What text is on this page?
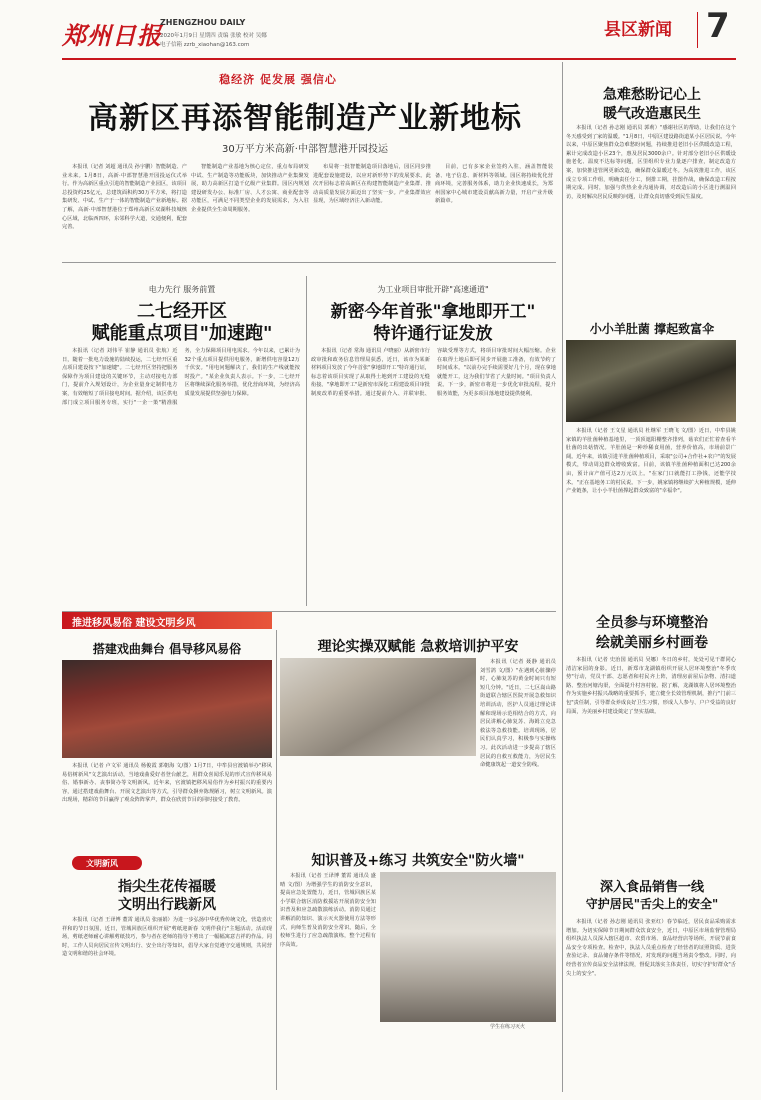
郑州日报
ZHENGZHOU DAILY
2020年1月9日 星期四 责编 张敏 校对 吴娜
电子信箱 zzrb_xiaohan@163.com
县区新闻 7
稳经济 促发展 强信心
高新区再添智能制造产业新地标
30万平方米高新·中部智慧港开园投运

本报讯（记者 刘超 通讯员 孙宇鹏）智能制造、产业未来。1月8日，高新·中部智慧港开园投运仪式举行。作为高新区重点引进的智能制造产业园区，该项目总投资约25亿元，总建筑面积约30万平方米，将打造集研发、中试、生产于一体的智能制造产业新地标。据了解，高新·中部智慧港位于郑州高新区双湖科技城核心区域，北临西四环，东邻科学大道，交通便利，配套完善。

智能制造产业基地为核心定位，重点布局研发中试、生产制造等功能板块，加快推动产业集聚发展，助力高新区打造千亿级产业集群。园区内规划建设研发办公、标准厂房、人才公寓、商业配套等功能区，可满足不同类型企业的发展需求，为入驻企业提供全生命周期服务。

布局将一批智能制造项目落地后，园区同步推进配套设施建设，以应对新形势下的发展要求。此次开园标志着高新区在构建智能制造产业集群、推动高质量发展方面迈出了坚实一步。产业集群效应显现，为区域经济注入新动能。

目前，已有多家企业签约入驻，涵盖智能装备、电子信息、新材料等领域。园区将持续优化营商环境，完善服务体系，助力企业快速成长，为郑州国家中心城市建设贡献高新力量，开启产业升级新篇章。

急难愁盼记心上
暖气改造惠民生

本报讯（记者 孙志刚 通讯员 郭莉）"感谢社区的帮助，让我们在这个冬天感受到了家的温暖。"1月8日，中原区建设路街道某小区居民说。今年以来，中原区聚焦群众急难愁盼问题，持续推进老旧小区供暖改造工程，累计完成改造小区23个，惠及居民3000余户。针对部分老旧小区供暖设施老化、温度不达标等问题，区里组织专业力量逐户排查，制定改造方案，加快推进管网更新改造，确保群众温暖过冬。为高效推进工作，该区成立专项工作组，明确责任分工，倒排工期，挂图作战，确保改造工程按期完成。同时，加强与供热企业沟通协调，对改造后的小区进行测温回访，及时解决居民反映的问题，让群众真切感受到民生温度。

电力先行 服务前置
二七经开区
赋能重点项目"加速跑"

本报讯（记者 刘伟平 崔静 通讯员 张航）近日，随着一批电力设施的陆续投运，二七经开区重点项目建设按下"加速键"。二七经开区坚持把服务保障作为项目建设的关键环节，主动对接电力部门，提前介入规划设计，为企业量身定制供电方案，有效缩短了项目接电时间。据介绍，该区供电部门成立项目服务专班，实行"一企一策"精准服务，全力保障项目用电需求。今年以来，已累计为32个重点项目提供用电服务，新增供电容量12万千伏安。"用电问题解决了，我们的生产线就能按时投产。"某企业负责人表示。下一步，二七经开区将继续深化服务举措，优化营商环境，为经济高质量发展提供坚强电力保障。

为工业项目审批开辟"高速通道"
新密今年首张"拿地即开工"
特许通行证发放

本报讯（记者 常海 通讯员 卢晓丽）从新密市行政审批和政务信息管理局获悉，近日，该市为某新材料项目发放了今年首张"拿地即开工"特许通行证，标志着该项目实现了从取得土地到开工建设的无缝衔接。"拿地即开工"是新密市深化工程建设项目审批制度改革的重要举措。通过提前介入、并联审批、容缺受理等方式，将项目审批时间大幅压缩。企业在取得土地后即可同步开展施工准备，有效节约了时间成本。"以前办完手续需要好几个月，现在拿地就能开工，这为我们节省了大量时间。"项目负责人说。下一步，新密市将进一步优化审批流程，提升服务效能，为更多项目落地建设提供便利。

小小羊肚菌 撑起致富伞

本报讯（记者 王文星 通讯员 杜继军 王晓飞 文/图）近日，中牟县姚家镇的羊肚菌种植基地里，一顶顶遮阳棚整齐排列，菇农们正忙着查看羊肚菌的出菇情况。羊肚菌是一种珍稀食用菌，营养价值高，市场前景广阔。近年来，该镇引进羊肚菌种植项目，采取"公司+合作社+农户"的发展模式，带动周边群众增收致富。目前，该镇羊肚菌种植面积已达200余亩，预计亩产值可达2万元以上。"在家门口就能打工挣钱，还能学技术。"正在基地务工的村民说。下一步，姚家镇将继续扩大种植规模，延伸产业链条，让小小羊肚菌撑起群众致富的"幸福伞"。

推进移风易俗 建设文明乡风
搭建戏曲舞台 倡导移风易俗

本报讯（记者 卢文军 通讯员 杨俊霞 郭朝海 文/图）1月7日，中牟县官渡镇举办"移风易俗树新风"文艺演出活动，当地戏曲爱好者登台献艺，用群众喜闻乐见的形式宣传移风易俗、婚事新办、丧事简办等文明新风。近年来，官渡镇把移风易俗作为乡村振兴的重要内容，通过搭建戏曲舞台、开展文艺演出等方式，引导群众摒弃陈规陋习，树立文明新风。演出现场，精彩的节目赢得了观众阵阵掌声，群众在欣赏节目的同时接受了教育。

理论实操双赋能 急救培训护平安

本报讯（记者 聂静 通讯员 刘雪鸽 文/图）"在遇到心脏骤停时，心肺复苏的黄金时间只有短短几分钟。"近日，二七区嵩山路街道联合辖区医院开展急救知识培训活动，医护人员通过理论讲解和现场示范相结合的方式，向居民讲解心肺复苏、海姆立克急救法等急救技能。培训现场，居民们认真学习，积极参与实操练习。此次活动进一步提高了辖区居民的自救互救能力，为居民生命健康筑起一道安全防线。

知识普及+练习 共筑安全"防火墙"

本报讯（记者 王译博 董霄 通讯员 盛晴 文/图）为增强学生的消防安全意识，提高应急处置能力，近日，管城回族区某小学联合辖区消防救援站开展消防安全知识普及和应急疏散演练活动。消防员通过讲解消防知识、演示灭火器使用方法等形式，向师生普及消防安全常识。随后，全校师生进行了应急疏散演练，整个过程有序高效。

学生在练习灭火
全员参与环境整治
绘就美丽乡村画卷

本报讯（记者 史治国 通讯员 吴娜）冬日的乡村，处处可见干群同心清洁家园的身影。近日，新郑市龙湖镇组织开展人居环境整治"冬季攻势"行动，党员干部、志愿者和村民齐上阵，清理房前屋后杂物、清扫道路、整治河塘沟渠，全面提升村容村貌。据了解，龙湖镇将人居环境整治作为实施乡村振兴战略的重要抓手，建立健全长效管理机制，推行"门前三包"责任制，引导群众养成良好卫生习惯，形成人人参与、户户受益的良好局面，为美丽乡村建设奠定了坚实基础。

文明新风
指尖生花传福暖
文明出行践新风

本报讯（记者 王译博 董霄 通讯员 张丽娟）为进一步弘扬中华优秀传统文化，营造喜庆祥和的节日氛围，近日，管城回族区组织开展"剪纸迎新春 文明伴我行"主题活动。活动现场，剪纸老师耐心讲解剪纸技巧，参与者在老师的指导下剪出了一幅幅寓意吉祥的作品。同时，工作人员向居民宣传文明出行、安全出行等知识，倡导大家自觉遵守交通规则，共同营造文明和谐的社会环境。

深入食品销售一线
守护居民"舌尖上的安全"

本报讯（记者 孙志刚 通讯员 张亚红）春节临近，居民食品采购需求增加。为切实保障节日期间群众饮食安全，近日，中原区市场监督管理局组织执法人员深入辖区超市、农贸市场、食品经营店等场所，开展节前食品安全专项检查。检查中，执法人员重点检查了经营者的证照资质、进货查验记录、食品储存条件等情况，对发现的问题当场责令整改。同时，向经营者宣传食品安全法律法规，督促其落实主体责任，切实守护好群众"舌尖上的安全"。
